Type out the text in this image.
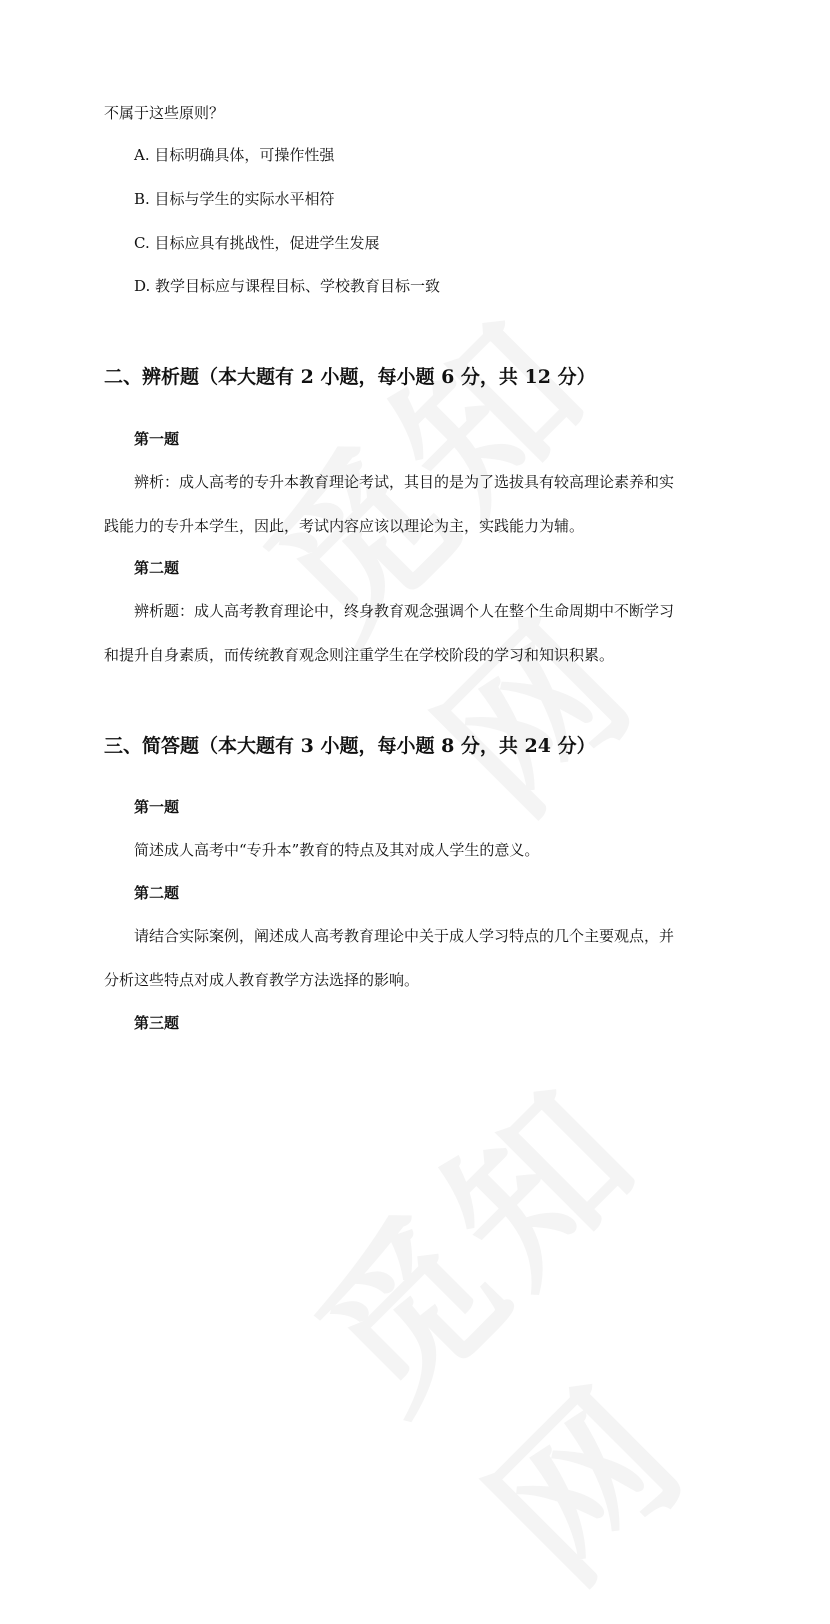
不属于这些原则？
A. 目标明确具体，可操作性强
B. 目标与学生的实际水平相符
C. 目标应具有挑战性，促进学生发展
D. 教学目标应与课程目标、学校教育目标一致
二、辨析题（本大题有 2 小题，每小题 6 分，共 12 分）
第一题
辨析：成人高考的专升本教育理论考试，其目的是为了选拔具有较高理论素养和实
践能力的专升本学生，因此，考试内容应该以理论为主，实践能力为辅。
第二题
辨析题：成人高考教育理论中，终身教育观念强调个人在整个生命周期中不断学习
和提升自身素质，而传统教育观念则注重学生在学校阶段的学习和知识积累。
三、简答题（本大题有 3 小题，每小题 8 分，共 24 分）
第一题
简述成人高考中“专升本”教育的特点及其对成人学生的意义。
第二题
请结合实际案例，阐述成人高考教育理论中关于成人学习特点的几个主要观点，并
分析这些特点对成人教育教学方法选择的影响。
第三题
